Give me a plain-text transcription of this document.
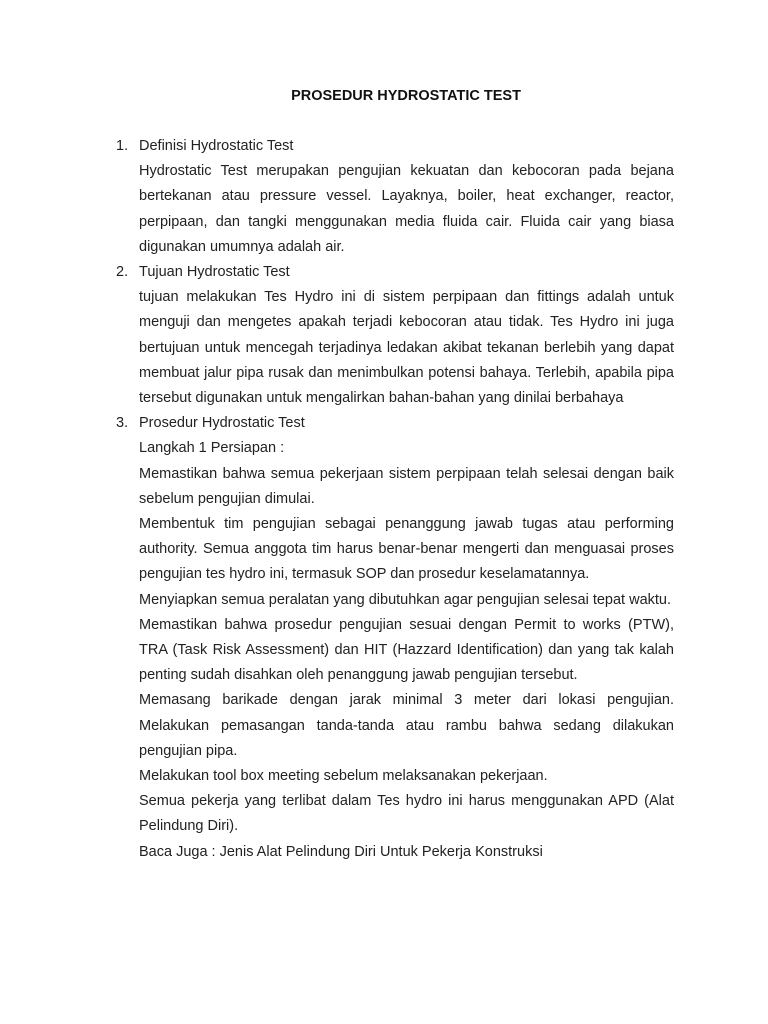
PROSEDUR HYDROSTATIC TEST
1. Definisi Hydrostatic Test

Hydrostatic Test merupakan pengujian kekuatan dan kebocoran pada bejana bertekanan atau pressure vessel. Layaknya, boiler, heat exchanger, reactor, perpipaan, dan tangki menggunakan media fluida cair. Fluida cair yang biasa digunakan umumnya adalah air.

2. Tujuan Hydrostatic Test

tujuan melakukan Tes Hydro ini di sistem perpipaan dan fittings adalah untuk menguji dan mengetes apakah terjadi kebocoran atau tidak. Tes Hydro ini juga bertujuan untuk mencegah terjadinya ledakan akibat tekanan berlebih yang dapat membuat jalur pipa rusak dan menimbulkan potensi bahaya. Terlebih, apabila pipa tersebut digunakan untuk mengalirkan bahan-bahan yang dinilai berbahaya

3. Prosedur Hydrostatic Test

Langkah 1 Persiapan :

Memastikan bahwa semua pekerjaan sistem perpipaan telah selesai dengan baik sebelum pengujian dimulai.

Membentuk tim pengujian sebagai penanggung jawab tugas atau performing authority. Semua anggota tim harus benar-benar mengerti dan menguasai proses pengujian tes hydro ini, termasuk SOP dan prosedur keselamatannya.

Menyiapkan semua peralatan yang dibutuhkan agar pengujian selesai tepat waktu.

Memastikan bahwa prosedur pengujian sesuai dengan Permit to works (PTW), TRA (Task Risk Assessment) dan HIT (Hazzard Identification) dan yang tak kalah penting sudah disahkan oleh penanggung jawab pengujian tersebut.

Memasang barikade dengan jarak minimal 3 meter dari lokasi pengujian. Melakukan pemasangan tanda-tanda atau rambu bahwa sedang dilakukan pengujian pipa.

Melakukan tool box meeting sebelum melaksanakan pekerjaan.

Semua pekerja yang terlibat dalam Tes hydro ini harus menggunakan APD (Alat Pelindung Diri).

Baca Juga : Jenis Alat Pelindung Diri Untuk Pekerja Konstruksi
